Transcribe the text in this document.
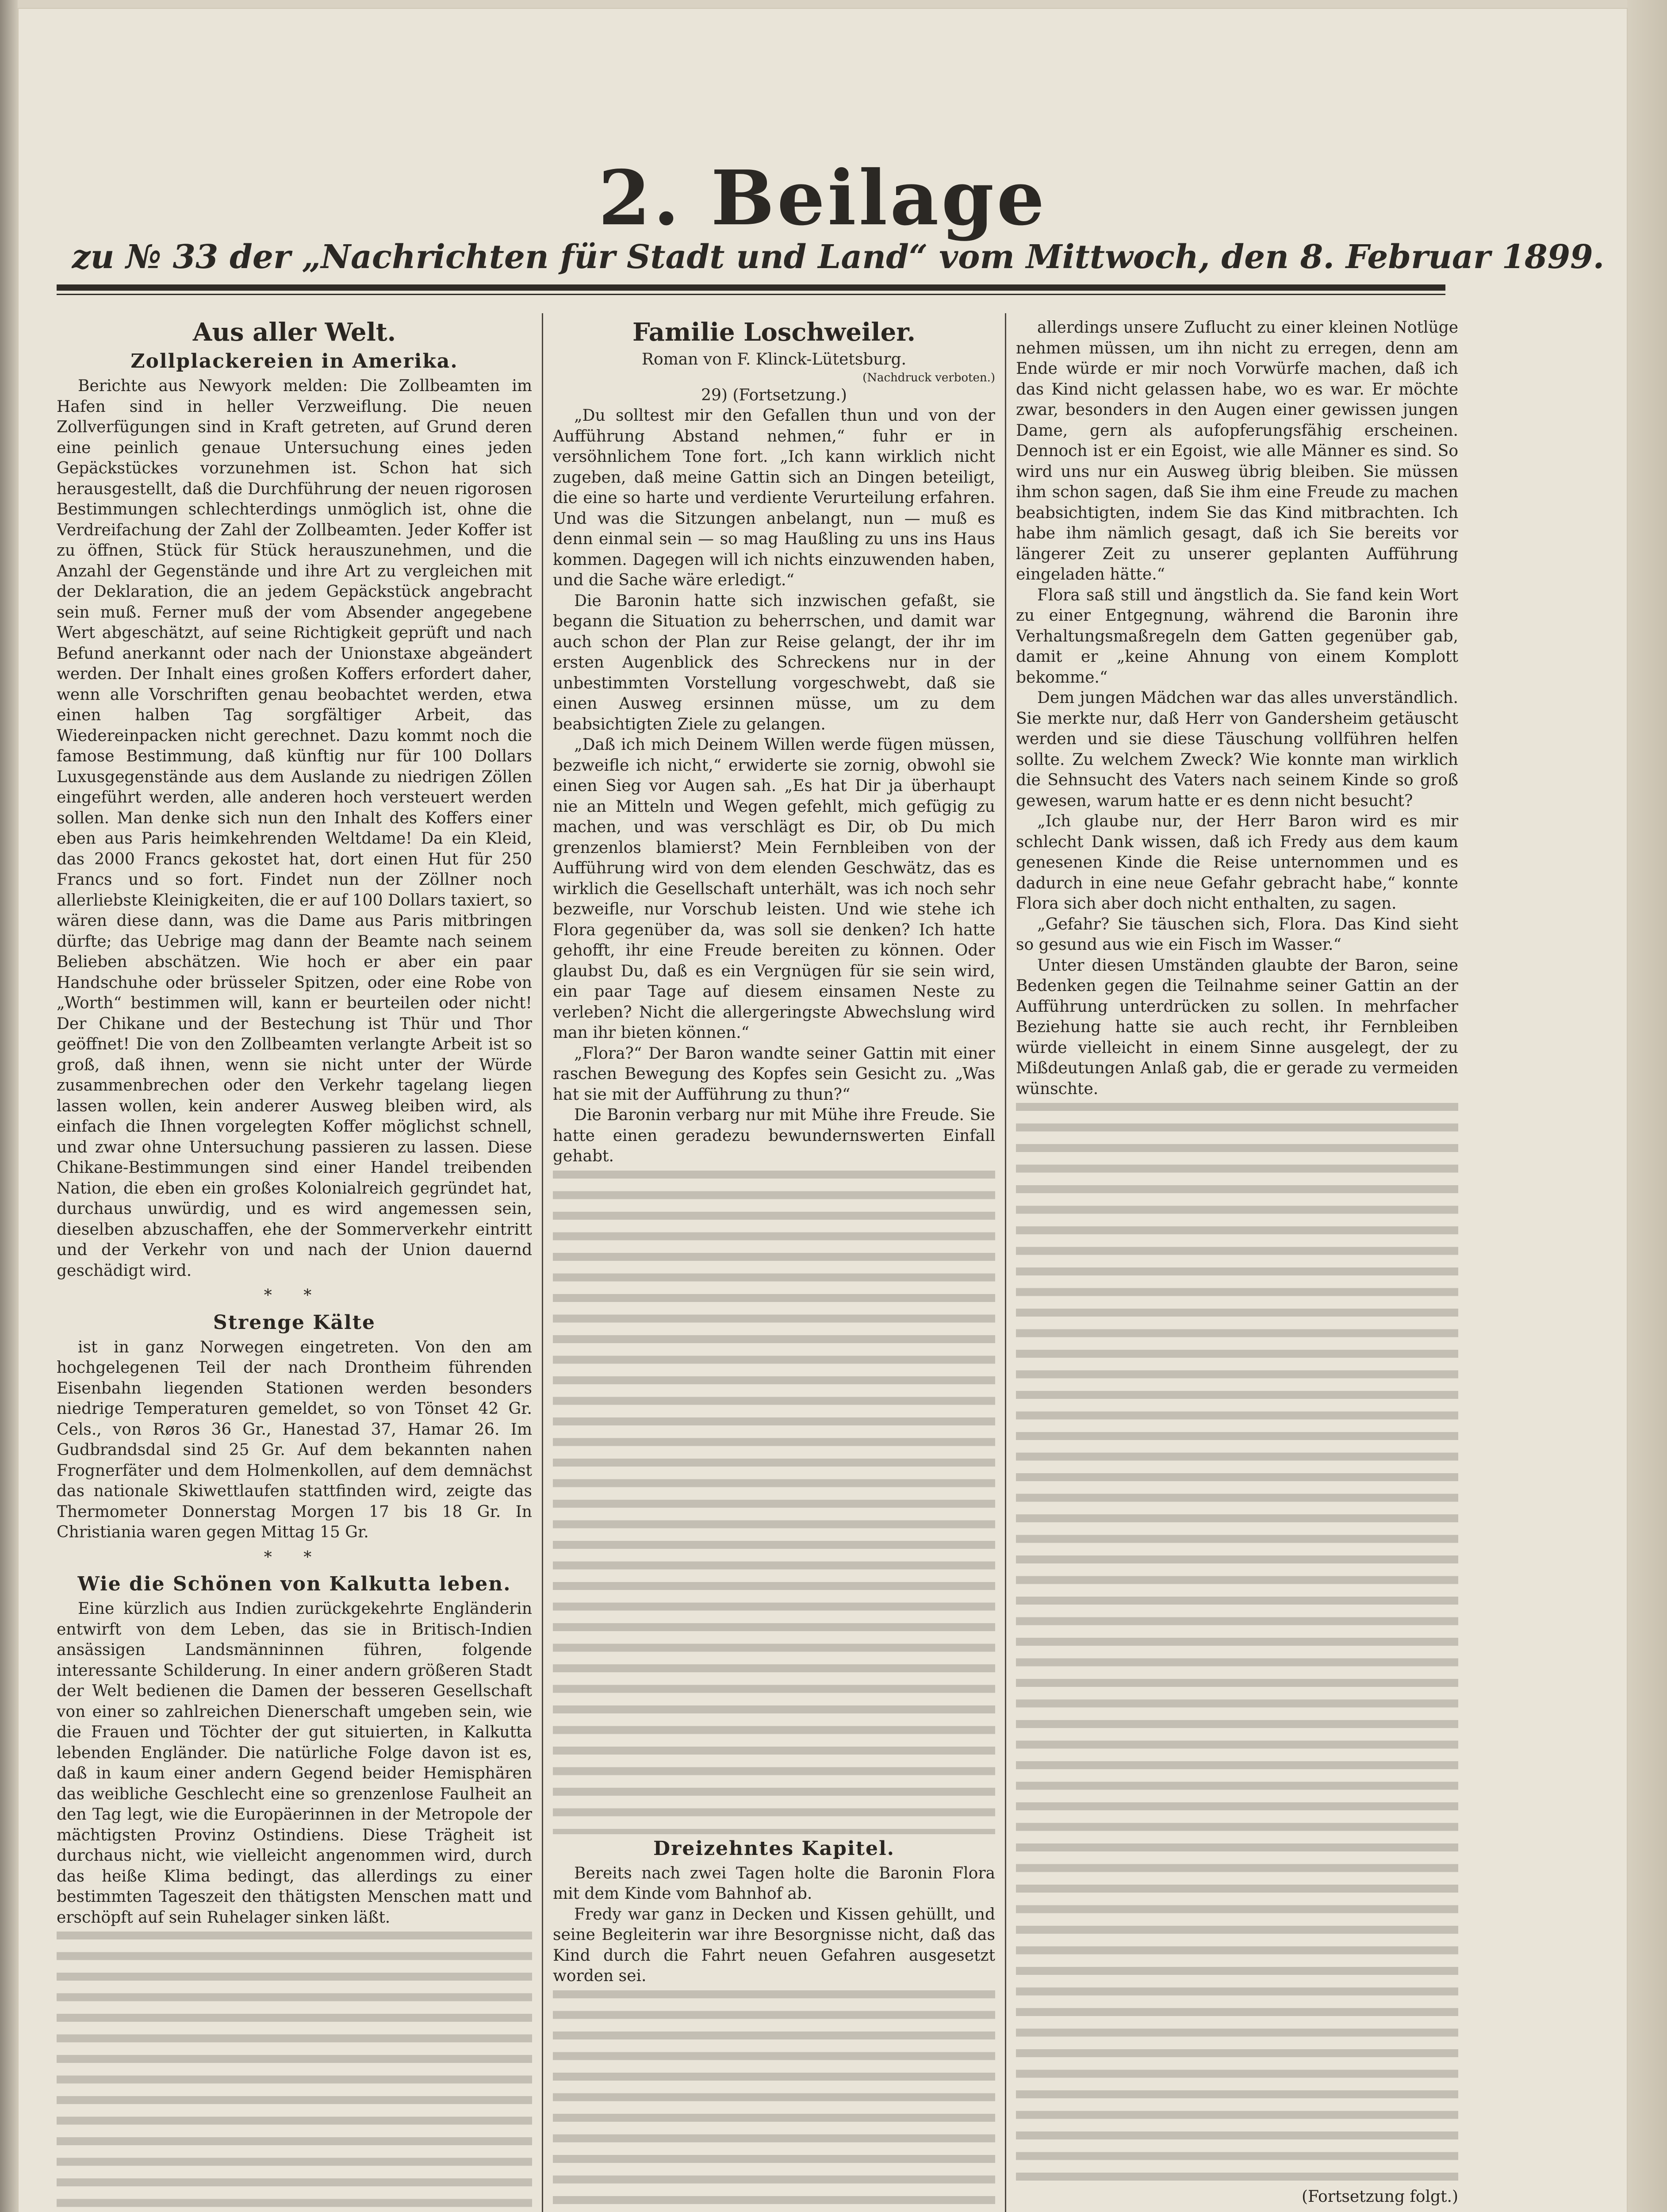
2. Beilage
zu № 33 der „Nachrichten für Stadt und Land“ vom Mittwoch, den 8. Februar 1899.
Aus aller Welt.
Zollplackereien in Amerika.

Berichte aus Newyork melden: Die Zollbeamten im Hafen sind in heller Verzweiflung. Die neuen Zollverfügungen sind in Kraft getreten, auf Grund deren eine peinlich genaue Untersuchung eines jeden Gepäckstückes vorzunehmen ist. Schon hat sich herausgestellt, daß die Durchführung der neuen rigorosen Bestimmungen schlechterdings unmöglich ist, ohne die Verdreifachung der Zahl der Zollbeamten. Jeder Koffer ist zu öffnen, Stück für Stück herauszunehmen, und die Anzahl der Gegenstände und ihre Art zu vergleichen mit der Deklaration, die an jedem Gepäckstück angebracht sein muß. Ferner muß der vom Absender angegebene Wert abgeschätzt, auf seine Richtigkeit geprüft und nach Befund anerkannt oder nach der Unionstaxe abgeändert werden. Der Inhalt eines großen Koffers erfordert daher, wenn alle Vorschriften genau beobachtet werden, etwa einen halben Tag sorgfältiger Arbeit, das Wiedereinpacken nicht gerechnet. Dazu kommt noch die famose Bestimmung, daß künftig nur für 100 Dollars Luxusgegenstände aus dem Auslande zu niedrigen Zöllen eingeführt werden, alle anderen hoch versteuert werden sollen. Man denke sich nun den Inhalt des Koffers einer eben aus Paris heimkehrenden Weltdame! Da ein Kleid, das 2000 Francs gekostet hat, dort einen Hut für 250 Francs und so fort. Findet nun der Zöllner noch allerliebste Kleinigkeiten, die er auf 100 Dollars taxiert, so wären diese dann, was die Dame aus Paris mitbringen dürfte; das Uebrige mag dann der Beamte nach seinem Belieben abschätzen. Wie hoch er aber ein paar Handschuhe oder brüsseler Spitzen, oder eine Robe von „Worth“ bestimmen will, kann er beurteilen oder nicht! Der Chikane und der Bestechung ist Thür und Thor geöffnet! Die von den Zollbeamten verlangte Arbeit ist so groß, daß ihnen, wenn sie nicht unter der Würde zusammenbrechen oder den Verkehr tagelang liegen lassen wollen, kein anderer Ausweg bleiben wird, als einfach die Ihnen vorgelegten Koffer möglichst schnell, und zwar ohne Untersuchung passieren zu lassen. Diese Chikane-Bestimmungen sind einer Handel treibenden Nation, die eben ein großes Kolonialreich gegründet hat, durchaus unwürdig, und es wird angemessen sein, dieselben abzuschaffen, ehe der Sommerverkehr eintritt und der Verkehr von und nach der Union dauernd geschädigt wird.

* *
Strenge Kälte

ist in ganz Norwegen eingetreten. Von den am hochgelegenen Teil der nach Drontheim führenden Eisenbahn liegenden Stationen werden besonders niedrige Temperaturen gemeldet, so von Tönset 42 Gr. Cels., von Røros 36 Gr., Hanestad 37, Hamar 26. Im Gudbrandsdal sind 25 Gr. Auf dem bekannten nahen Frognerfäter und dem Holmenkollen, auf dem demnächst das nationale Skiwettlaufen stattfinden wird, zeigte das Thermometer Donnerstag Morgen 17 bis 18 Gr. In Christiania waren gegen Mittag 15 Gr.

* *
Wie die Schönen von Kalkutta leben.

Eine kürzlich aus Indien zurückgekehrte Engländerin entwirft von dem Leben, das sie in Britisch-Indien ansässigen Landsmänninnen führen, folgende interessante Schilderung. In einer andern größeren Stadt der Welt bedienen die Damen der besseren Gesellschaft von einer so zahlreichen Dienerschaft umgeben sein, wie die Frauen und Töchter der gut situierten, in Kalkutta lebenden Engländer. Die natürliche Folge davon ist es, daß in kaum einer andern Gegend beider Hemisphären das weibliche Geschlecht eine so grenzenlose Faulheit an den Tag legt, wie die Europäerinnen in der Metropole der mächtigsten Provinz Ostindiens. Diese Trägheit ist durchaus nicht, wie vielleicht angenommen wird, durch das heiße Klima bedingt, das allerdings zu einer bestimmten Tageszeit den thätigsten Menschen matt und erschöpft auf sein Ruhelager sinken läßt.

Familie Loschweiler.

Roman von F. Klinck-Lütetsburg.

(Nachdruck verboten.)

29) (Fortsetzung.)

„Du solltest mir den Gefallen thun und von der Aufführung Abstand nehmen,“ fuhr er in versöhnlichem Tone fort. „Ich kann wirklich nicht zugeben, daß meine Gattin sich an Dingen beteiligt, die eine so harte und verdiente Verurteilung erfahren. Und was die Sitzungen anbelangt, nun — muß es denn einmal sein — so mag Haußling zu uns ins Haus kommen. Dagegen will ich nichts einzuwenden haben, und die Sache wäre erledigt.“

Die Baronin hatte sich inzwischen gefaßt, sie begann die Situation zu beherrschen, und damit war auch schon der Plan zur Reise gelangt, der ihr im ersten Augenblick des Schreckens nur in der unbestimmten Vorstellung vorgeschwebt, daß sie einen Ausweg ersinnen müsse, um zu dem beabsichtigten Ziele zu gelangen.

„Daß ich mich Deinem Willen werde fügen müssen, bezweifle ich nicht,“ erwiderte sie zornig, obwohl sie einen Sieg vor Augen sah. „Es hat Dir ja überhaupt nie an Mitteln und Wegen gefehlt, mich gefügig zu machen, und was verschlägt es Dir, ob Du mich grenzenlos blamierst? Mein Fernbleiben von der Aufführung wird von dem elenden Geschwätz, das es wirklich die Gesellschaft unterhält, was ich noch sehr bezweifle, nur Vorschub leisten. Und wie stehe ich Flora gegenüber da, was soll sie denken? Ich hatte gehofft, ihr eine Freude bereiten zu können. Oder glaubst Du, daß es ein Vergnügen für sie sein wird, ein paar Tage auf diesem einsamen Neste zu verleben? Nicht die allergeringste Abwechslung wird man ihr bieten können.“

„Flora?“ Der Baron wandte seiner Gattin mit einer raschen Bewegung des Kopfes sein Gesicht zu. „Was hat sie mit der Aufführung zu thun?“

Die Baronin verbarg nur mit Mühe ihre Freude. Sie hatte einen geradezu bewundernswerten Einfall gehabt.

Dreizehntes Kapitel.

Bereits nach zwei Tagen holte die Baronin Flora mit dem Kinde vom Bahnhof ab.

Fredy war ganz in Decken und Kissen gehüllt, und seine Begleiterin war ihre Besorgnisse nicht, daß das Kind durch die Fahrt neuen Gefahren ausgesetzt worden sei.

allerdings unsere Zuflucht zu einer kleinen Notlüge nehmen müssen, um ihn nicht zu erregen, denn am Ende würde er mir noch Vorwürfe machen, daß ich das Kind nicht gelassen habe, wo es war. Er möchte zwar, besonders in den Augen einer gewissen jungen Dame, gern als aufopferungsfähig erscheinen. Dennoch ist er ein Egoist, wie alle Männer es sind. So wird uns nur ein Ausweg übrig bleiben. Sie müssen ihm schon sagen, daß Sie ihm eine Freude zu machen beabsichtigten, indem Sie das Kind mitbrachten. Ich habe ihm nämlich gesagt, daß ich Sie bereits vor längerer Zeit zu unserer geplanten Aufführung eingeladen hätte.“

Flora saß still und ängstlich da. Sie fand kein Wort zu einer Entgegnung, während die Baronin ihre Verhaltungsmaßregeln dem Gatten gegenüber gab, damit er „keine Ahnung von einem Komplott bekomme.“

Dem jungen Mädchen war das alles unverständlich. Sie merkte nur, daß Herr von Gandersheim getäuscht werden und sie diese Täuschung vollführen helfen sollte. Zu welchem Zweck? Wie konnte man wirklich die Sehnsucht des Vaters nach seinem Kinde so groß gewesen, warum hatte er es denn nicht besucht?

„Ich glaube nur, der Herr Baron wird es mir schlecht Dank wissen, daß ich Fredy aus dem kaum genesenen Kinde die Reise unternommen und es dadurch in eine neue Gefahr gebracht habe,“ konnte Flora sich aber doch nicht enthalten, zu sagen.

„Gefahr? Sie täuschen sich, Flora. Das Kind sieht so gesund aus wie ein Fisch im Wasser.“

Unter diesen Umständen glaubte der Baron, seine Bedenken gegen die Teilnahme seiner Gattin an der Aufführung unterdrücken zu sollen. In mehrfacher Beziehung hatte sie auch recht, ihr Fernbleiben würde vielleicht in einem Sinne ausgelegt, der zu Mißdeutungen Anlaß gab, die er gerade zu vermeiden wünschte.

(Fortsetzung folgt.)
